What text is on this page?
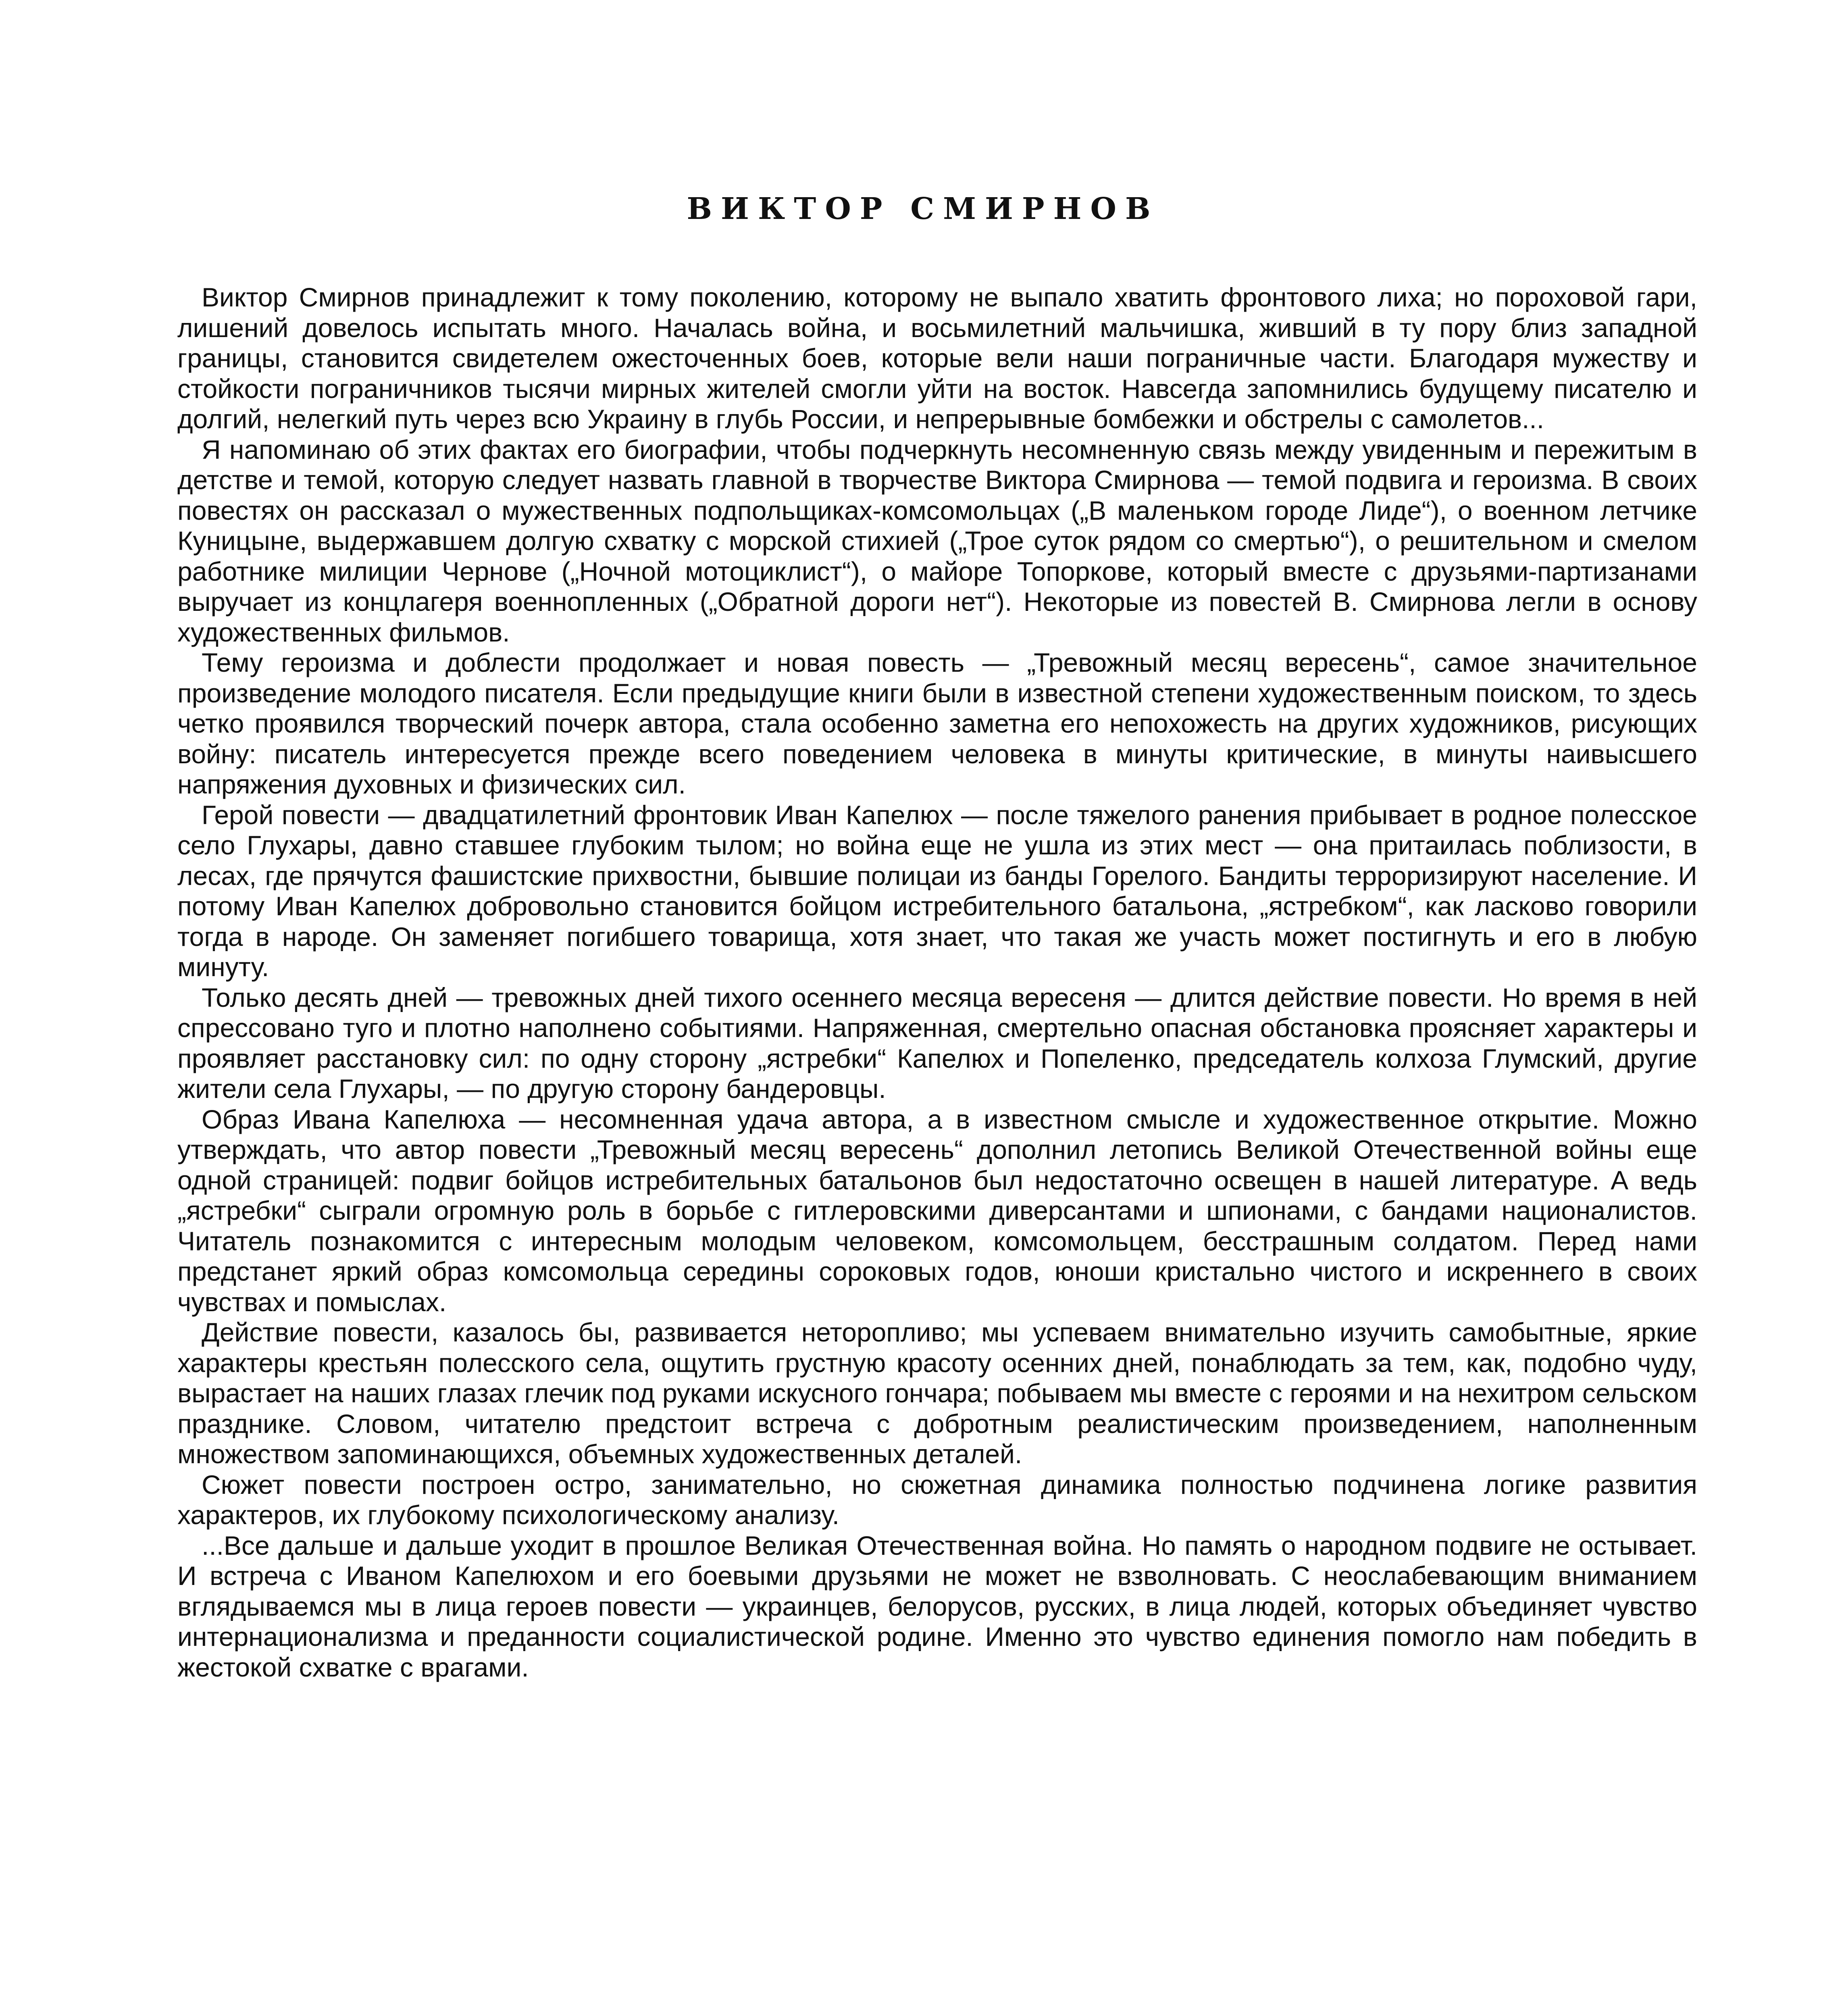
ВИКТОР СМИРНОВ

Виктор Смирнов принадлежит к тому поколению, которому не выпало хватить фронтового лиха; но пороховой гари, лишений довелось испытать много. Началась война, и восьмилетний мальчишка, живший в ту пору близ западной границы, становится свидетелем ожесточенных боев, которые вели наши пограничные части. Благодаря мужеству и стойкости пограничников тысячи мирных жителей смогли уйти на восток. Навсегда запомнились будущему писателю и долгий, нелегкий путь через всю Украину в глубь России, и непрерывные бомбежки и обстрелы с самолетов...

Я напоминаю об этих фактах его биографии, чтобы подчеркнуть несомненную связь между увиденным и пережитым в детстве и темой, которую следует назвать главной в творчестве Виктора Смирнова — темой подвига и героизма. В своих повестях он рассказал о мужественных подпольщиках-комсомольцах („В маленьком городе Лиде“), о военном летчике Куницыне, выдержавшем долгую схватку с морской стихией („Трое суток рядом со смертью“), о решительном и смелом работнике милиции Чернове („Ночной мотоциклист“), о майоре Топоркове, который вместе с друзьями-партизанами выручает из концлагеря военнопленных („Обратной дороги нет“). Некоторые из повестей В. Смирнова легли в основу художественных фильмов.

Тему героизма и доблести продолжает и новая повесть — „Тревожный месяц вересень“, самое значительное произведение молодого писателя. Если предыдущие книги были в известной степени художественным поиском, то здесь четко проявился творческий почерк автора, стала особенно заметна его непохожесть на других художников, рисующих войну: писатель интересуется прежде всего поведением человека в минуты критические, в минуты наивысшего напряжения духовных и физических сил.

Герой повести — двадцатилетний фронтовик Иван Капелюх — после тяжелого ранения прибывает в родное полесское село Глухары, давно ставшее глубоким тылом; но война еще не ушла из этих мест — она притаилась поблизости, в лесах, где прячутся фашистские прихвостни, бывшие полицаи из банды Горелого. Бандиты терроризируют население. И потому Иван Капелюх добровольно становится бойцом истребительного батальона, „ястребком“, как ласково говорили тогда в народе. Он заменяет погибшего товарища, хотя знает, что такая же участь может постигнуть и его в любую минуту.

Только десять дней — тревожных дней тихого осеннего месяца вересеня — длится действие повести. Но время в ней спрессовано туго и плотно наполнено событиями. Напряженная, смертельно опасная обстановка проясняет характеры и проявляет расстановку сил: по одну сторону „ястребки“ Капелюх и Попеленко, председатель колхоза Глумский, другие жители села Глухары, — по другую сторону бандеровцы.

Образ Ивана Капелюха — несомненная удача автора, а в известном смысле и художественное открытие. Можно утверждать, что автор повести „Тревожный месяц вересень“ дополнил летопись Великой Отечественной войны еще одной страницей: подвиг бойцов истребительных батальонов был недостаточно освещен в нашей литературе. А ведь „ястребки“ сыграли огромную роль в борьбе с гитлеровскими диверсантами и шпионами, с бандами националистов. Читатель познакомится с интересным молодым человеком, комсомольцем, бесстрашным солдатом. Перед нами предстанет яркий образ комсомольца середины сороковых годов, юноши кристально чистого и искреннего в своих чувствах и помыслах.

Действие повести, казалось бы, развивается неторопливо; мы успеваем внимательно изучить самобытные, яркие характеры крестьян полесского села, ощутить грустную красоту осенних дней, понаблюдать за тем, как, подобно чуду, вырастает на наших глазах глечик под руками искусного гончара; побываем мы вместе с героями и на нехитром сельском празднике. Словом, читателю предстоит встреча с добротным реалистическим произведением, наполненным множеством запоминающихся, объемных художественных деталей.

Сюжет повести построен остро, занимательно, но сюжетная динамика полностью подчинена логике развития характеров, их глубокому психологическому анализу.

...Все дальше и дальше уходит в прошлое Великая Отечественная война. Но память о народном подвиге не остывает. И встреча с Иваном Капелюхом и его боевыми друзьями не может не взволновать. С неослабевающим вниманием вглядываемся мы в лица героев повести — украинцев, белорусов, русских, в лица людей, которых объединяет чувство интернационализма и преданности социалистической родине. Именно это чувство единения помогло нам победить в жестокой схватке с врагами.
